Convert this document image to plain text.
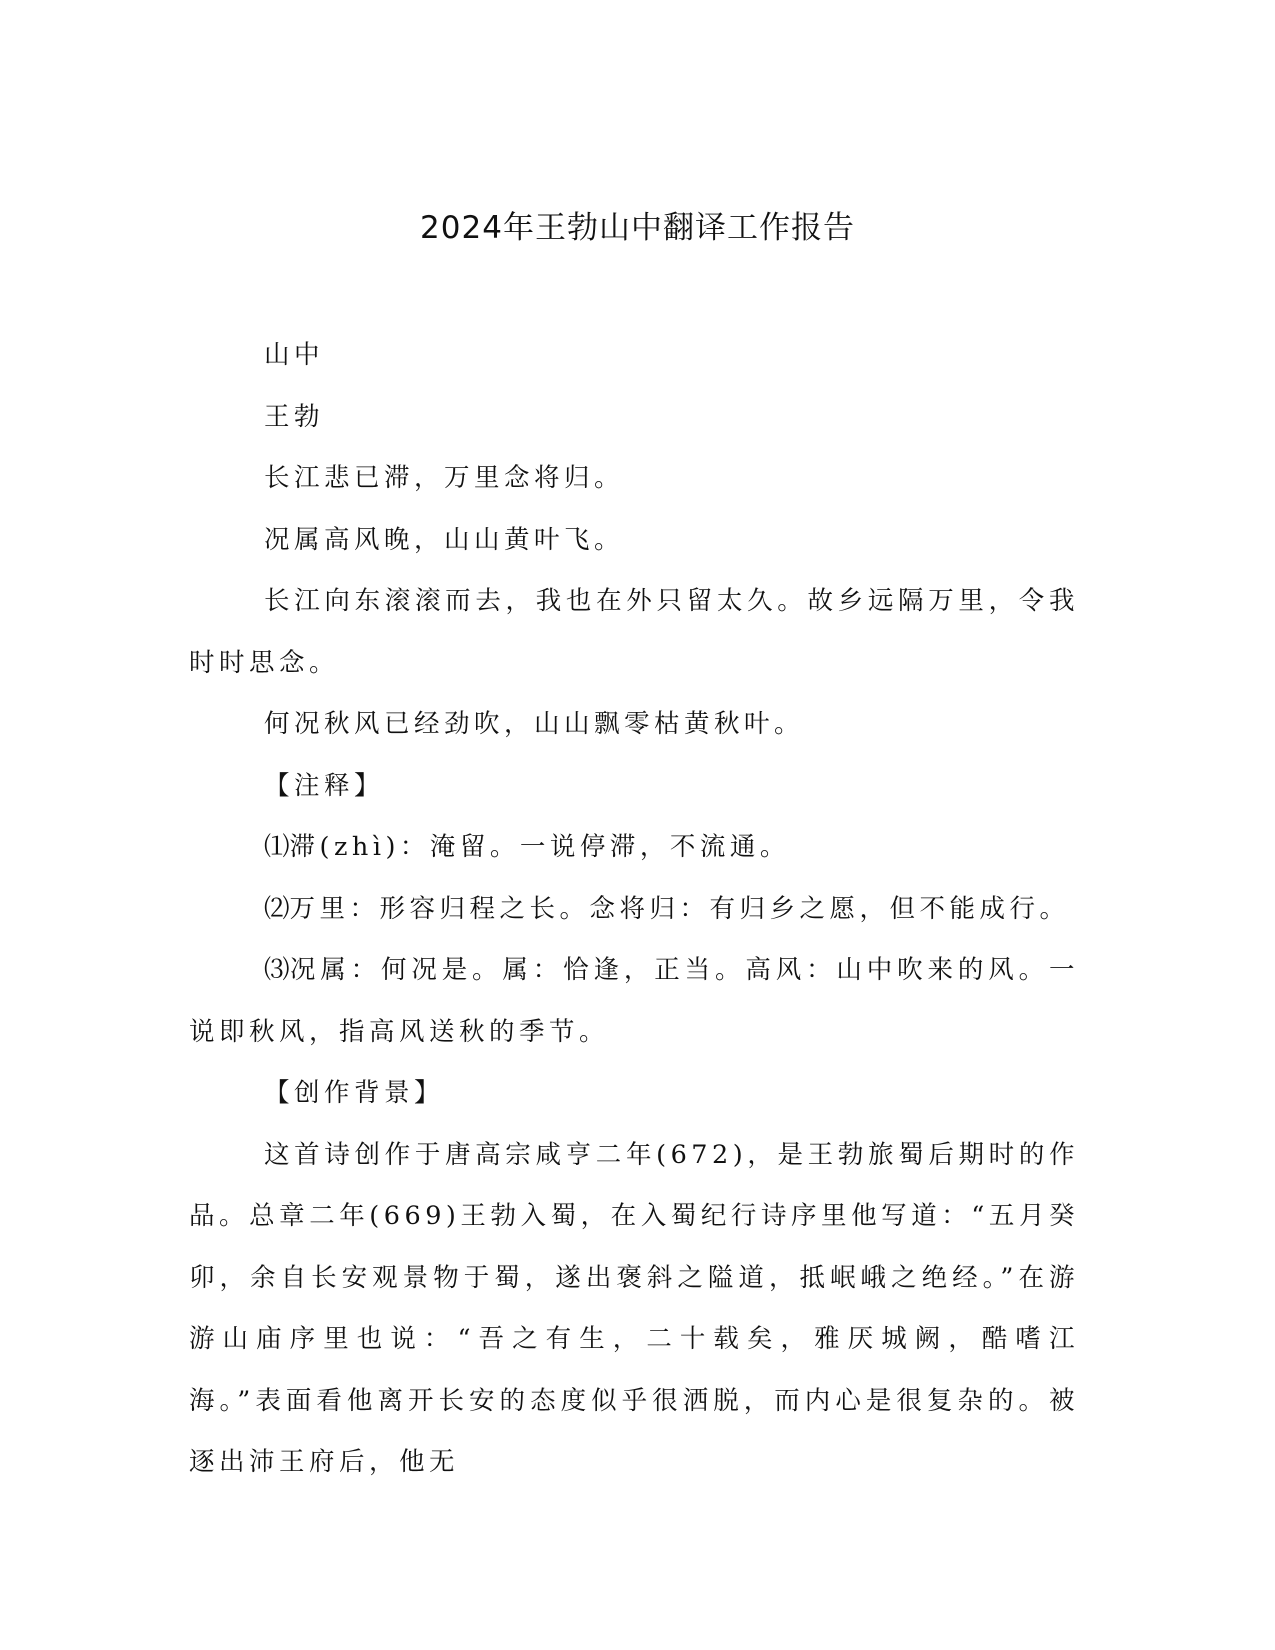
2024年王勃山中翻译工作报告

山中

王勃

长江悲已滞，万里念将归。

况属高风晚，山山黄叶飞。

长江向东滚滚而去，我也在外只留太久。故乡远隔万里，令我时时思念。

何况秋风已经劲吹，山山飘零枯黄秋叶。

【注释】

⑴滞(zhì)：淹留。一说停滞，不流通。

⑵万里：形容归程之长。念将归：有归乡之愿，但不能成行。

⑶况属：何况是。属：恰逢，正当。高风：山中吹来的风。一说即秋风，指高风送秋的季节。

【创作背景】

这首诗创作于唐高宗咸亨二年(672)，是王勃旅蜀后期时的作品。总章二年(669)王勃入蜀，在入蜀纪行诗序里他写道：“五月癸卯，余自长安观景物于蜀，遂出褒斜之隘道，抵岷峨之绝经。”在游游山庙序里也说：“吾之有生，二十载矣，雅厌城阙，酷嗜江海。”表面看他离开长安的态度似乎很洒脱，而内心是很复杂的。被逐出沛王府后，他无
